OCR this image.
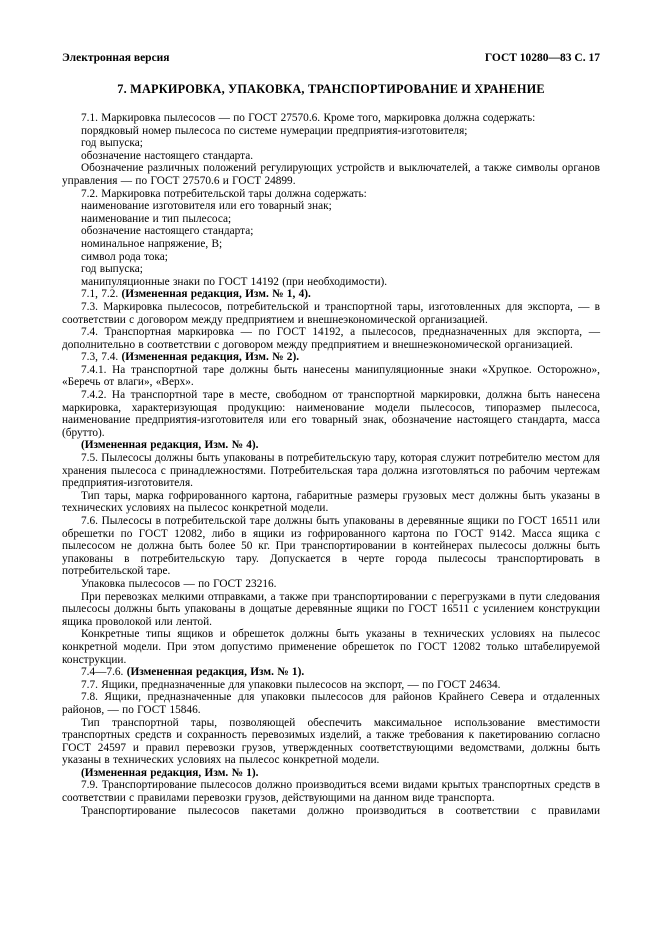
Электронная версия	ГОСТ 10280—83 С. 17
7. МАРКИРОВКА, УПАКОВКА, ТРАНСПОРТИРОВАНИЕ И ХРАНЕНИЕ

7.1. Маркировка пылесосов — по ГОСТ 27570.6. Кроме того, маркировка должна содержать:

порядковый номер пылесоса по системе нумерации предприятия-изготовителя;

год выпуска;

обозначение настоящего стандарта.

Обозначение различных положений регулирующих устройств и выключателей, а также символы органов управления — по ГОСТ 27570.6 и ГОСТ 24899.

7.2. Маркировка потребительской тары должна содержать:

наименование изготовителя или его товарный знак;

наименование и тип пылесоса;

обозначение настоящего стандарта;

номинальное напряжение, В;

символ рода тока;

год выпуска;

манипуляционные знаки по ГОСТ 14192 (при необходимости).

7.1, 7.2. (Измененная редакция, Изм. № 1, 4).

7.3. Маркировка пылесосов, потребительской и транспортной тары, изготовленных для экспорта, — в соответствии с договором между предприятием и внешнеэкономической организацией.

7.4. Транспортная маркировка — по ГОСТ 14192, а пылесосов, предназначенных для экспорта, — дополнительно в соответствии с договором между предприятием и внешнеэкономической организацией.

7.3, 7.4. (Измененная редакция, Изм. № 2).

7.4.1. На транспортной таре должны быть нанесены манипуляционные знаки «Хрупкое. Осторожно», «Беречь от влаги», «Верх».

7.4.2. На транспортной таре в месте, свободном от транспортной маркировки, должна быть нанесена маркировка, характеризующая продукцию: наименование модели пылесосов, типоразмер пылесоса, наименование предприятия-изготовителя или его товарный знак, обозначение настоящего стандарта, масса (брутто).

(Измененная редакция, Изм. № 4).

7.5. Пылесосы должны быть упакованы в потребительскую тару, которая служит потребителю местом для хранения пылесоса с принадлежностями. Потребительская тара должна изготовляться по рабочим чертежам предприятия-изготовителя.

Тип тары, марка гофрированного картона, габаритные размеры грузовых мест должны быть указаны в технических условиях на пылесос конкретной модели.

7.6. Пылесосы в потребительской таре должны быть упакованы в деревянные ящики по ГОСТ 16511 или обрешетки по ГОСТ 12082, либо в ящики из гофрированного картона по ГОСТ 9142. Масса ящика с пылесосом не должна быть более 50 кг. При транспортировании в контейнерах пылесосы должны быть упакованы в потребительскую тару. Допускается в черте города пылесосы транспортировать в потребительской таре.

Упаковка пылесосов — по ГОСТ 23216.

При перевозках мелкими отправками, а также при транспортировании с перегрузками в пути следования пылесосы должны быть упакованы в дощатые деревянные ящики по ГОСТ 16511 с усилением конструкции ящика проволокой или лентой.

Конкретные типы ящиков и обрешеток должны быть указаны в технических условиях на пылесос конкретной модели. При этом допустимо применение обрешеток по ГОСТ 12082 только штабелируемой конструкции.

7.4—7.6. (Измененная редакция, Изм. № 1).

7.7. Ящики, предназначенные для упаковки пылесосов на экспорт, — по ГОСТ 24634.

7.8. Ящики, предназначенные для упаковки пылесосов для районов Крайнего Севера и отдаленных районов, — по ГОСТ 15846.

Тип транспортной тары, позволяющей обеспечить максимальное использование вместимости транспортных средств и сохранность перевозимых изделий, а также требования к пакетированию согласно ГОСТ 24597 и правил перевозки грузов, утвержденных соответствующими ведомствами, должны быть указаны в технических условиях на пылесос конкретной модели.

(Измененная редакция, Изм. № 1).

7.9. Транспортирование пылесосов должно производиться всеми видами крытых транспортных средств в соответствии с правилами перевозки грузов, действующими на данном виде транспорта.

Транспортирование пылесосов пакетами должно производиться в соответствии с правилами
